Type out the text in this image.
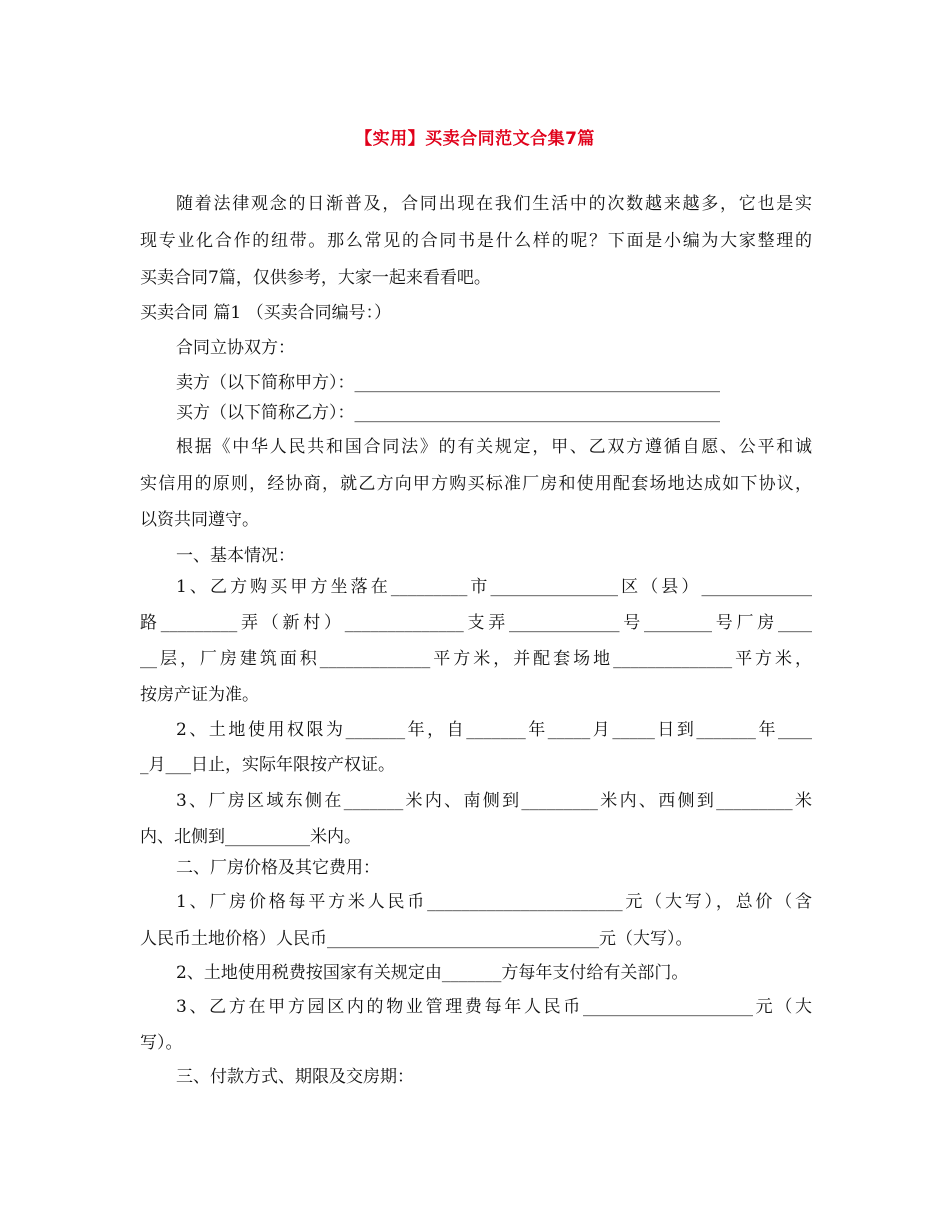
【实用】买卖合同范文合集7篇
随着法律观念的日渐普及，合同出现在我们生活中的次数越来越多，它也是实
现专业化合作的纽带。那么常见的合同书是什么样的呢？下面是小编为大家整理的
买卖合同7篇，仅供参考，大家一起来看看吧。
买卖合同 篇1 （买卖合同编号：）
合同立协双方：
卖方（以下简称甲方）：___________________________________________
买方（以下简称乙方）：___________________________________________
根据《中华人民共和国合同法》的有关规定，甲、乙双方遵循自愿、公平和诚
实信用的原则，经协商，就乙方向甲方购买标准厂房和使用配套场地达成如下协议，
以资共同遵守。
一、基本情况：
1、乙方购买甲方坐落在_________市_______________区（县）_____________
路_________弄（新村）______________支弄_____________号________号厂房____
__层，厂房建筑面积_____________平方米，并配套场地______________平方米，
按房产证为准。
2、土地使用权限为_______年，自_______年_____月_____日到_______年____
_月___日止，实际年限按产权证。
3、厂房区域东侧在_______米内、南侧到_________米内、西侧到_________米
内、北侧到__________米内。
二、厂房价格及其它费用：
1、厂房价格每平方米人民币_______________________元（大写），总价（含
人民币土地价格）人民币________________________________元（大写）。
2、土地使用税费按国家有关规定由_______方每年支付给有关部门。
3、乙方在甲方园区内的物业管理费每年人民币____________________元（大
写）。
三、付款方式、期限及交房期：
